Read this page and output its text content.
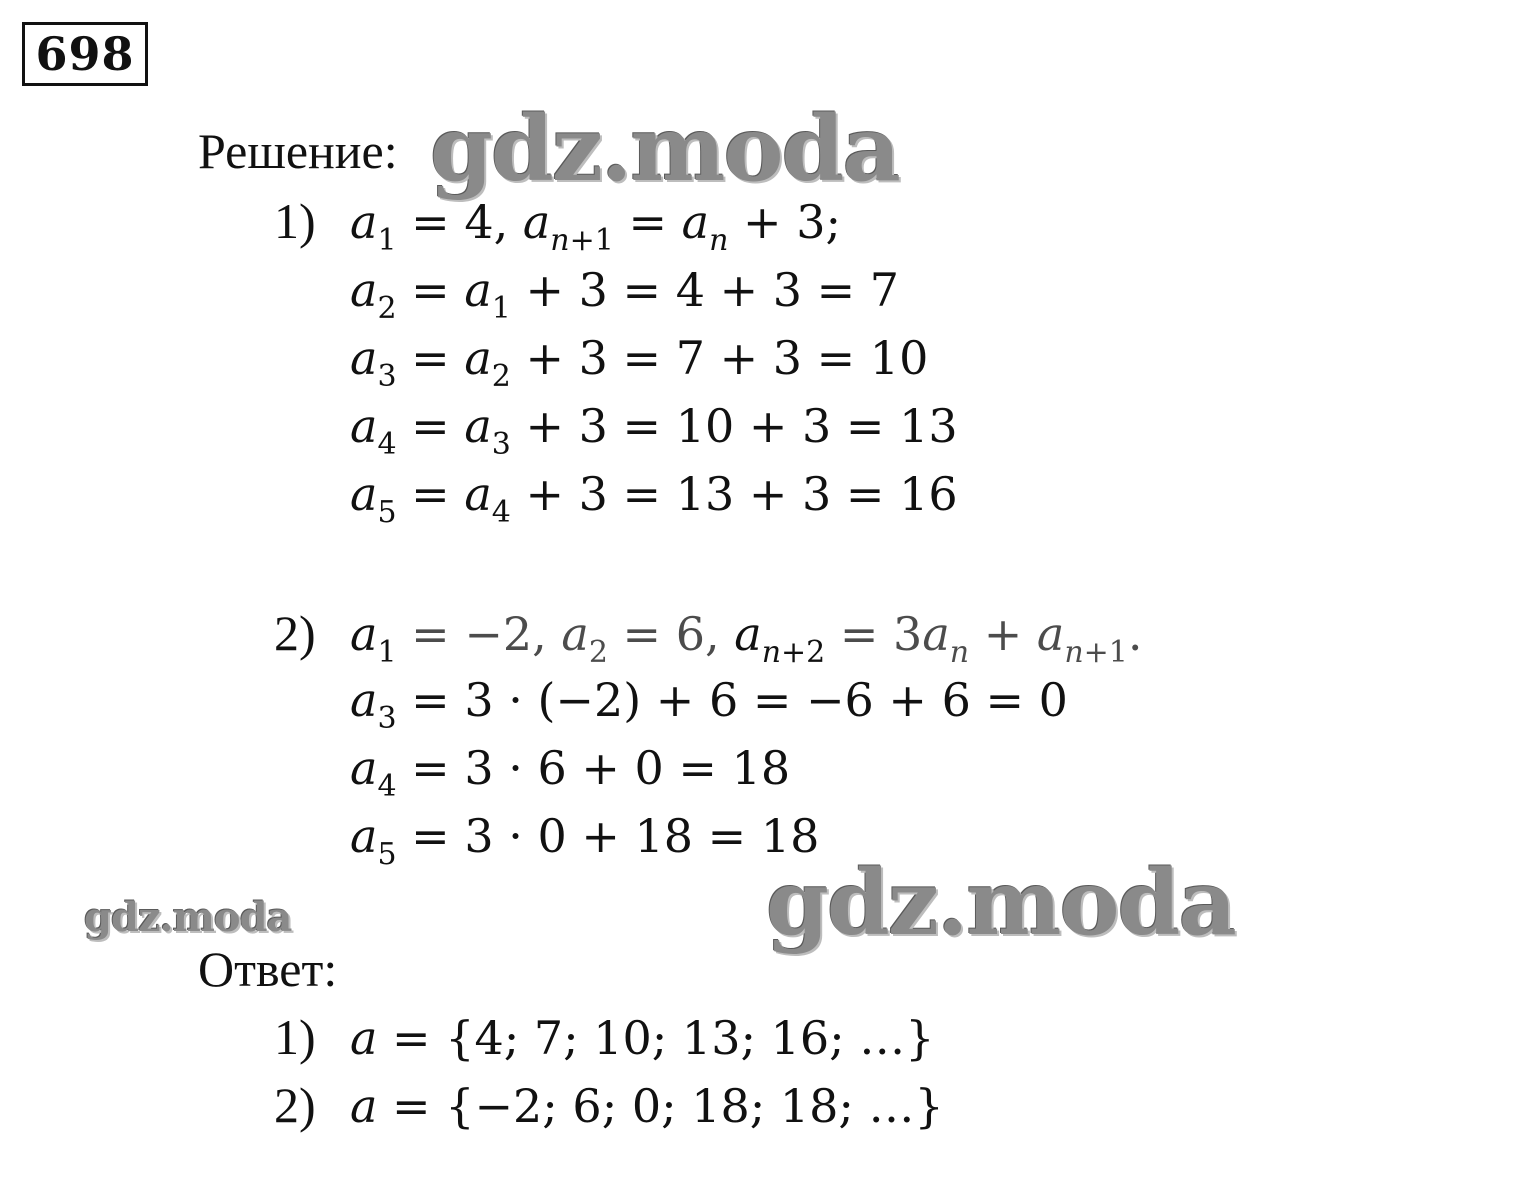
698
Решение: gdz.moda
1) $a_1 = 4$, $a_{n+1} = a_n + 3$;
$a_2 = a_1 + 3 = 4 + 3 = 7$
$a_3 = a_2 + 3 = 7 + 3 = 10$
$a_4 = a_3 + 3 = 10 + 3 = 13$
$a_5 = a_4 + 3 = 13 + 3 = 16$
2) $a_1 = -2$, $a_2 = 6$, $a_{n+2} = 3a_n + a_{n+1}$.
$a_3 = 3 \cdot (-2) + 6 = -6 + 6 = 0$
$a_4 = 3 \cdot 6 + 0 = 18$
$a_5 = 3 \cdot 0 + 18 = 18$
gdz.moda
gdz.moda
Ответ:
1) a = {4; 7; 10; 13; 16; …}
2) a = {−2; 6; 0; 18; 18; …}
